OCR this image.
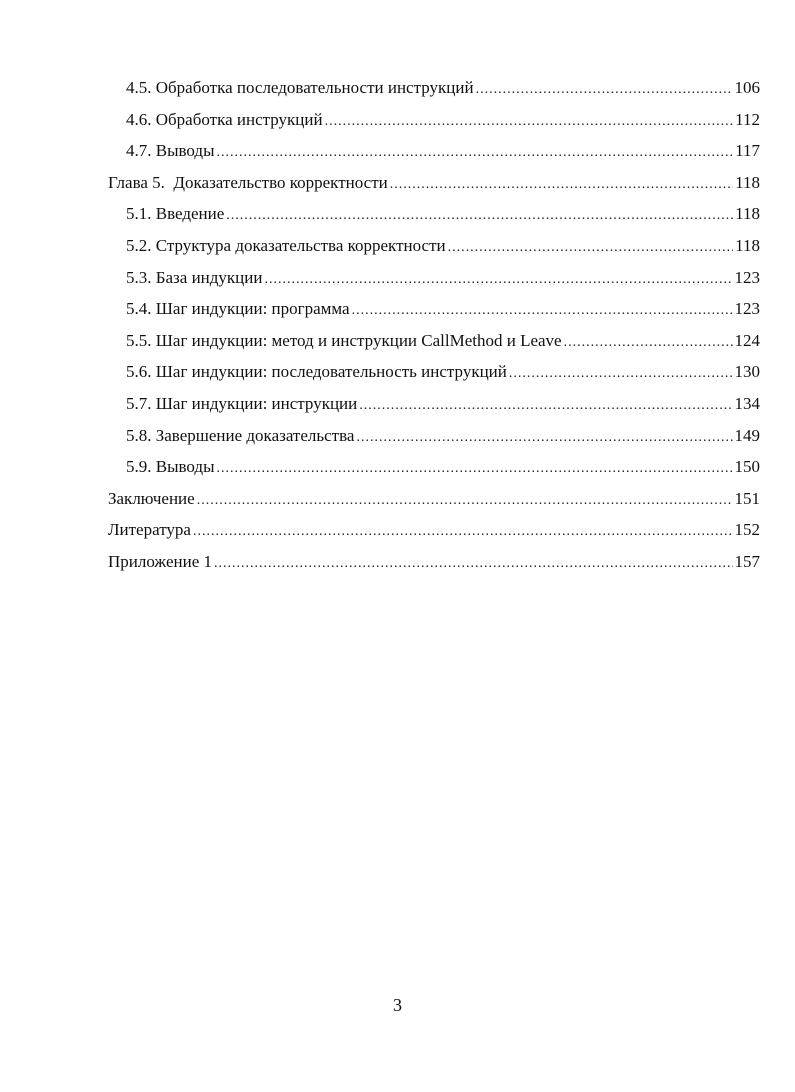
4.5. Обработка последовательности инструкций .....	106
4.6. Обработка инструкций .....	112
4.7. Выводы .....	117
Глава 5.  Доказательство корректности .....	118
5.1. Введение .....	118
5.2. Структура доказательства корректности .....	118
5.3. База индукции .....	123
5.4. Шаг индукции: программа .....	123
5.5. Шаг индукции: метод и инструкции CallMethod и Leave .....	124
5.6. Шаг индукции: последовательность инструкций .....	130
5.7. Шаг индукции: инструкции .....	134
5.8. Завершение доказательства .....	149
5.9. Выводы .....	150
Заключение .....	151
Литература .....	152
Приложение 1 .....	157
3
